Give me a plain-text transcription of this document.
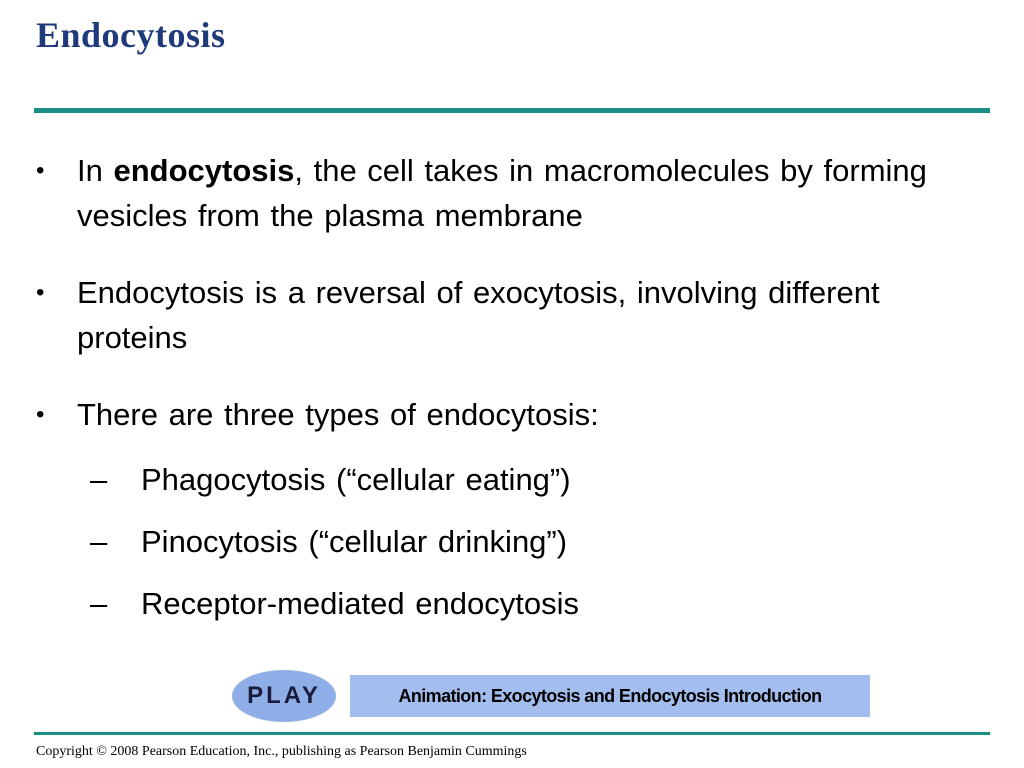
Endocytosis
• In endocytosis, the cell takes in macromolecules by forming vesicles from the plasma membrane
• Endocytosis is a reversal of exocytosis, involving different proteins
• There are three types of endocytosis:
– Phagocytosis (“cellular eating”)
– Pinocytosis (“cellular drinking”)
– Receptor-mediated endocytosis
PLAY	Animation: Exocytosis and Endocytosis Introduction
Copyright © 2008 Pearson Education, Inc., publishing as Pearson Benjamin Cummings
